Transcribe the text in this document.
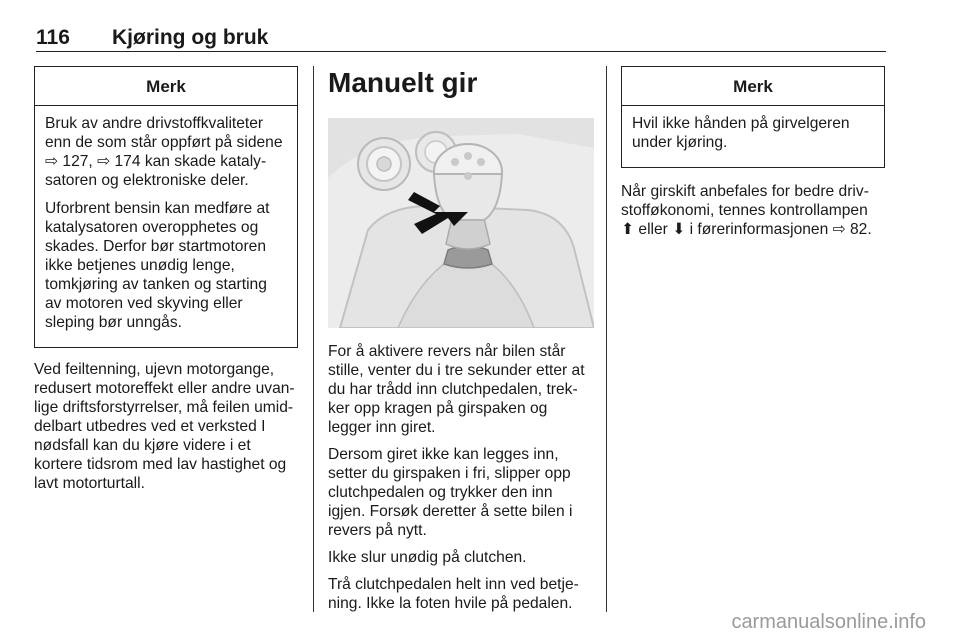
116 Kjøring og bruk
Merk

Bruk av andre drivstoffkvaliteter enn de som står oppført på sidene ⇨ 127, ⇨ 174 kan skade katalysatoren og elektroniske deler.

Uforbrent bensin kan medføre at katalysatoren overopphetes og skades. Derfor bør startmotoren ikke betjenes unødig lenge, tomkjøring av tanken og starting av motoren ved skyving eller sleping bør unngås.

Ved feiltenning, ujevn motorgange, redusert motoreffekt eller andre uvanlige driftsforstyrrelser, må feilen umiddelbart utbedres ved et verksted I nødsfall kan du kjøre videre i et kortere tidsrom med lav hastighet og lavt motorturtall.

Manuelt gir

For å aktivere revers når bilen står stille, venter du i tre sekunder etter at du har trådd inn clutchpedalen, trekker opp kragen på girspaken og legger inn giret.

Dersom giret ikke kan legges inn, setter du girspaken i fri, slipper opp clutchpedalen og trykker den inn igjen. Forsøk deretter å sette bilen i revers på nytt.

Ikke slur unødig på clutchen.

Trå clutchpedalen helt inn ved betjening. Ikke la foten hvile på pedalen.

Merk

Hvil ikke hånden på girvelgeren under kjøring.

Når girskift anbefales for bedre drivstofføkonomi, tennes kontrollampen ⬆ eller ⬇ i førerinformasjonen ⇨ 82.

carmanualsonline.info
